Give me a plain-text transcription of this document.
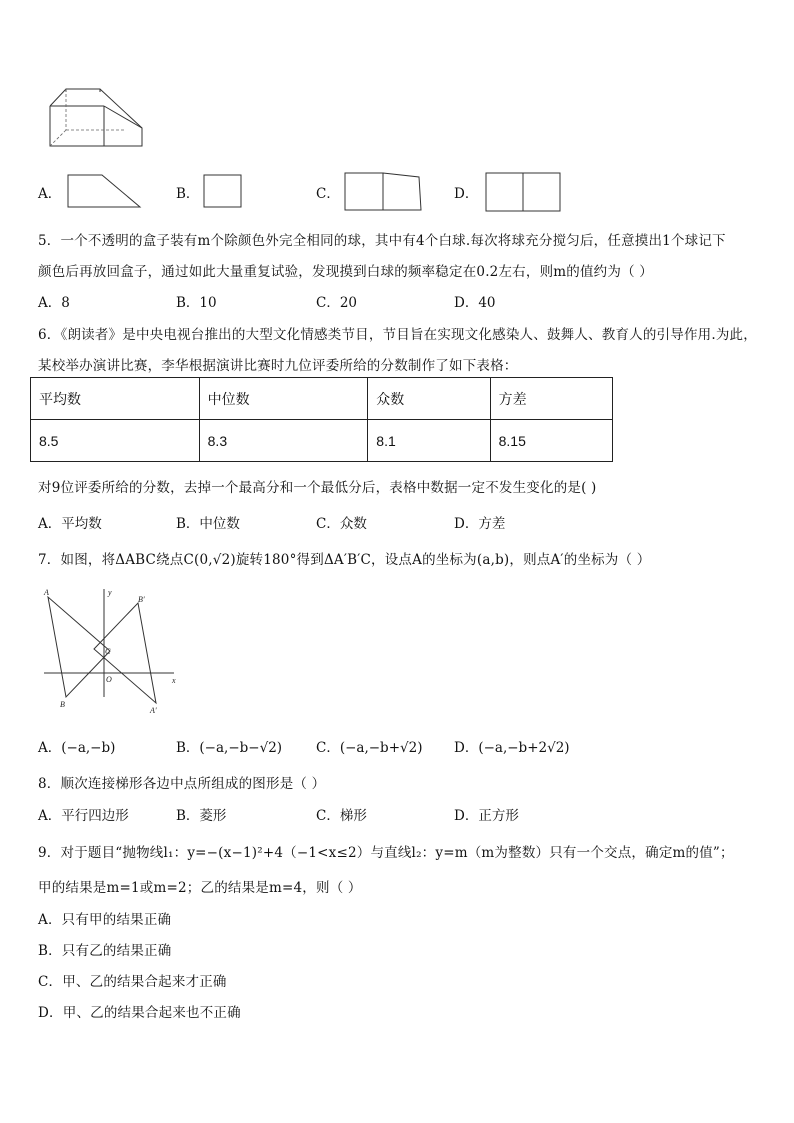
A．	B．	C．	D．
5．一个不透明的盒子装有m个除颜色外完全相同的球，其中有4个白球.每次将球充分搅匀后，任意摸出1个球记下
颜色后再放回盒子，通过如此大量重复试验，发现摸到白球的频率稳定在0.2左右，则m的值约为（ ）
A．8	B．10	C．20	D．40
6．《朗读者》是中央电视台推出的大型文化情感类节目，节目旨在实现文化感染人、鼓舞人、教育人的引导作用.为此，
某校举办演讲比赛，李华根据演讲比赛时九位评委所给的分数制作了如下表格：
平均数	中位数	众数	方差
8.5	8.3	8.1	8.15
对9位评委所给的分数，去掉一个最高分和一个最低分后，表格中数据一定不发生变化的是( )
A．平均数	B．中位数	C．众数	D．方差
7．如图，将ΔABC绕点C(0,√2)旋转180°得到ΔA′B′C，设点A的坐标为(a,b)，则点A′的坐标为（ ）
A
B′
y
C
O	x
B
A′
A．(−a,−b)	B．(−a,−b−√2)	C．(−a,−b+√2) D．(−a,−b+2√2)
8．顺次连接梯形各边中点所组成的图形是（ ）
A．平行四边形	B．菱形	C．梯形	D．正方形
9．对于题目“抛物线l₁：y=−(x−1)²+4（−1<x≤2）与直线l₂：y=m（m为整数）只有一个交点，确定m的值”；
甲的结果是m=1或m=2；乙的结果是m=4，则（ ）
A．只有甲的结果正确
B．只有乙的结果正确
C．甲、乙的结果合起来才正确
D．甲、乙的结果合起来也不正确
